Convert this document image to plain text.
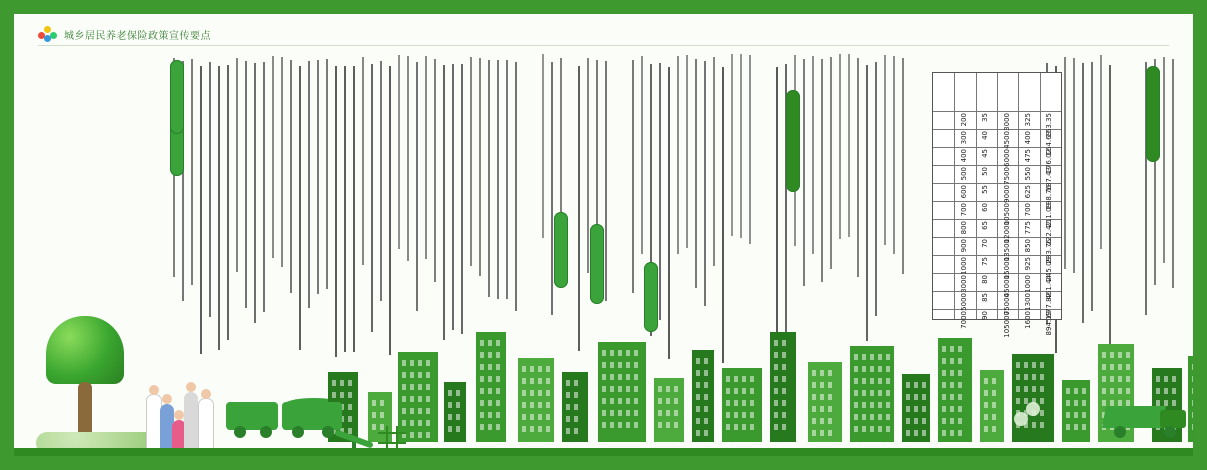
城乡居民养老保险政策宣传要点
153.35
164.69
176.02
187.43
198.76
211.09
222.42
233.76
245.09
461.44
677.82
894.19
325
400
475
550
625
700
775
850
925
1000
1300
1600
3000
4500
6000
7500
9000
10500
12000
13500
15000
45000
75000
105000
35
40
45
50
55
60
65
70
75
80
85
90
200
300
400
500
600
700
800
900
1000
3000
5000
7000
